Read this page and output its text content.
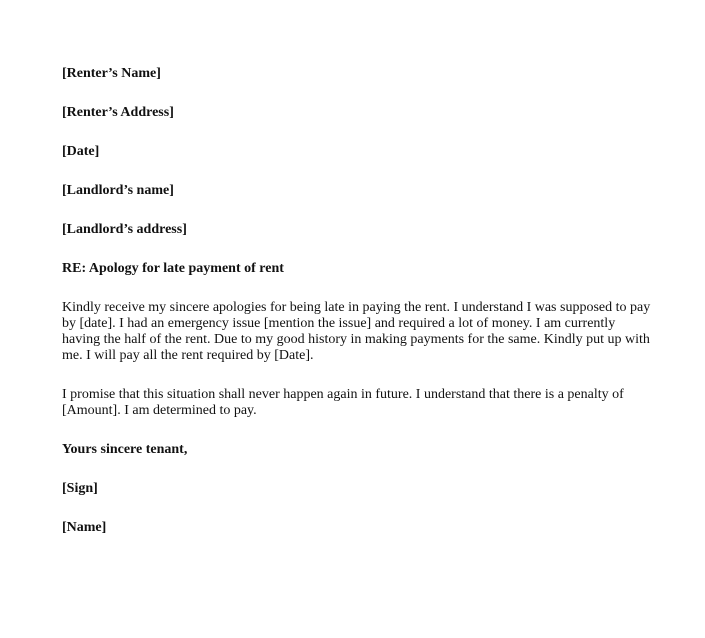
[Renter’s Name]
[Renter’s Address]
[Date]
[Landlord’s name]
[Landlord’s address]
RE: Apology for late payment of rent
Kindly receive my sincere apologies for being late in paying the rent. I understand I was supposed to pay
by [date]. I had an emergency issue [mention the issue] and required a lot of money. I am currently
having the half of the rent. Due to my good history in making payments for the same. Kindly put up with
me. I will pay all the rent required by [Date].
I promise that this situation shall never happen again in future. I understand that there is a penalty of
[Amount]. I am determined to pay.
Yours sincere tenant,
[Sign]
[Name]
